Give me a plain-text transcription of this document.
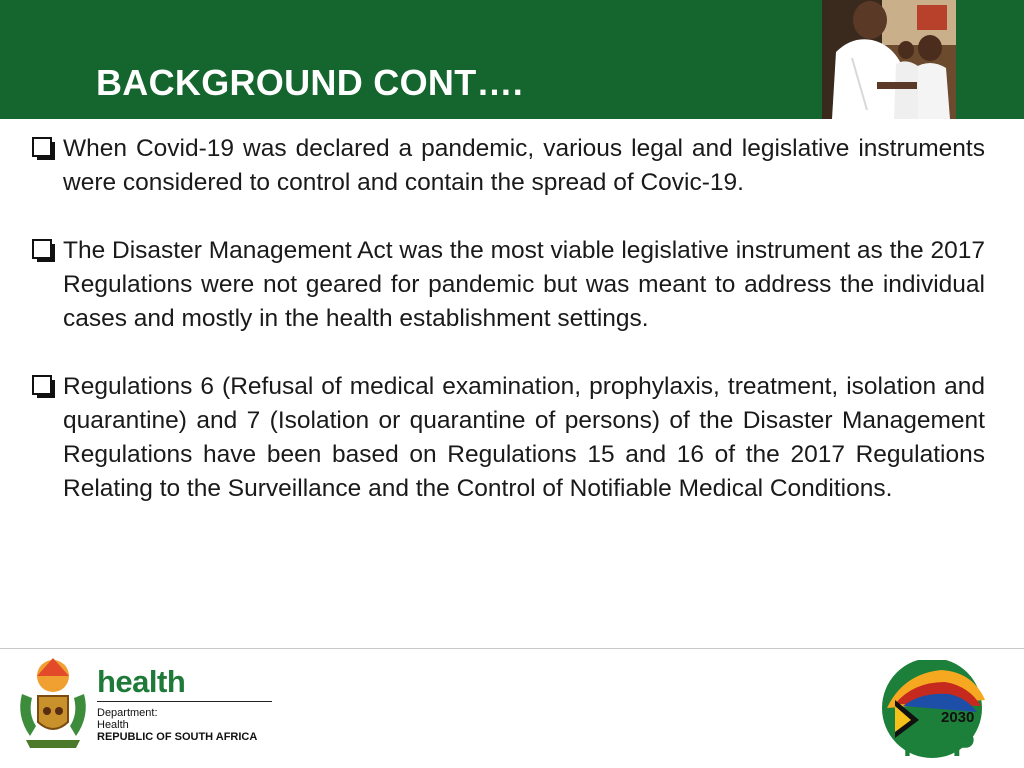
BACKGROUND CONT….
When Covid-19 was declared a pandemic, various legal and legislative instruments were considered to control and contain the spread of Covic-19.
The Disaster Management Act was the most viable legislative instrument as the 2017 Regulations were not geared for pandemic but was meant to address the individual cases and mostly in the health establishment settings.
Regulations 6 (Refusal of medical examination, prophylaxis, treatment, isolation and quarantine) and 7 (Isolation or quarantine of persons) of the Disaster Management Regulations have been based on Regulations 15 and 16 of the 2017 Regulations Relating to the Surveillance and the Control of Notifiable Medical Conditions.
health
Department:
Health
REPUBLIC OF SOUTH AFRICA
2030
NDP
